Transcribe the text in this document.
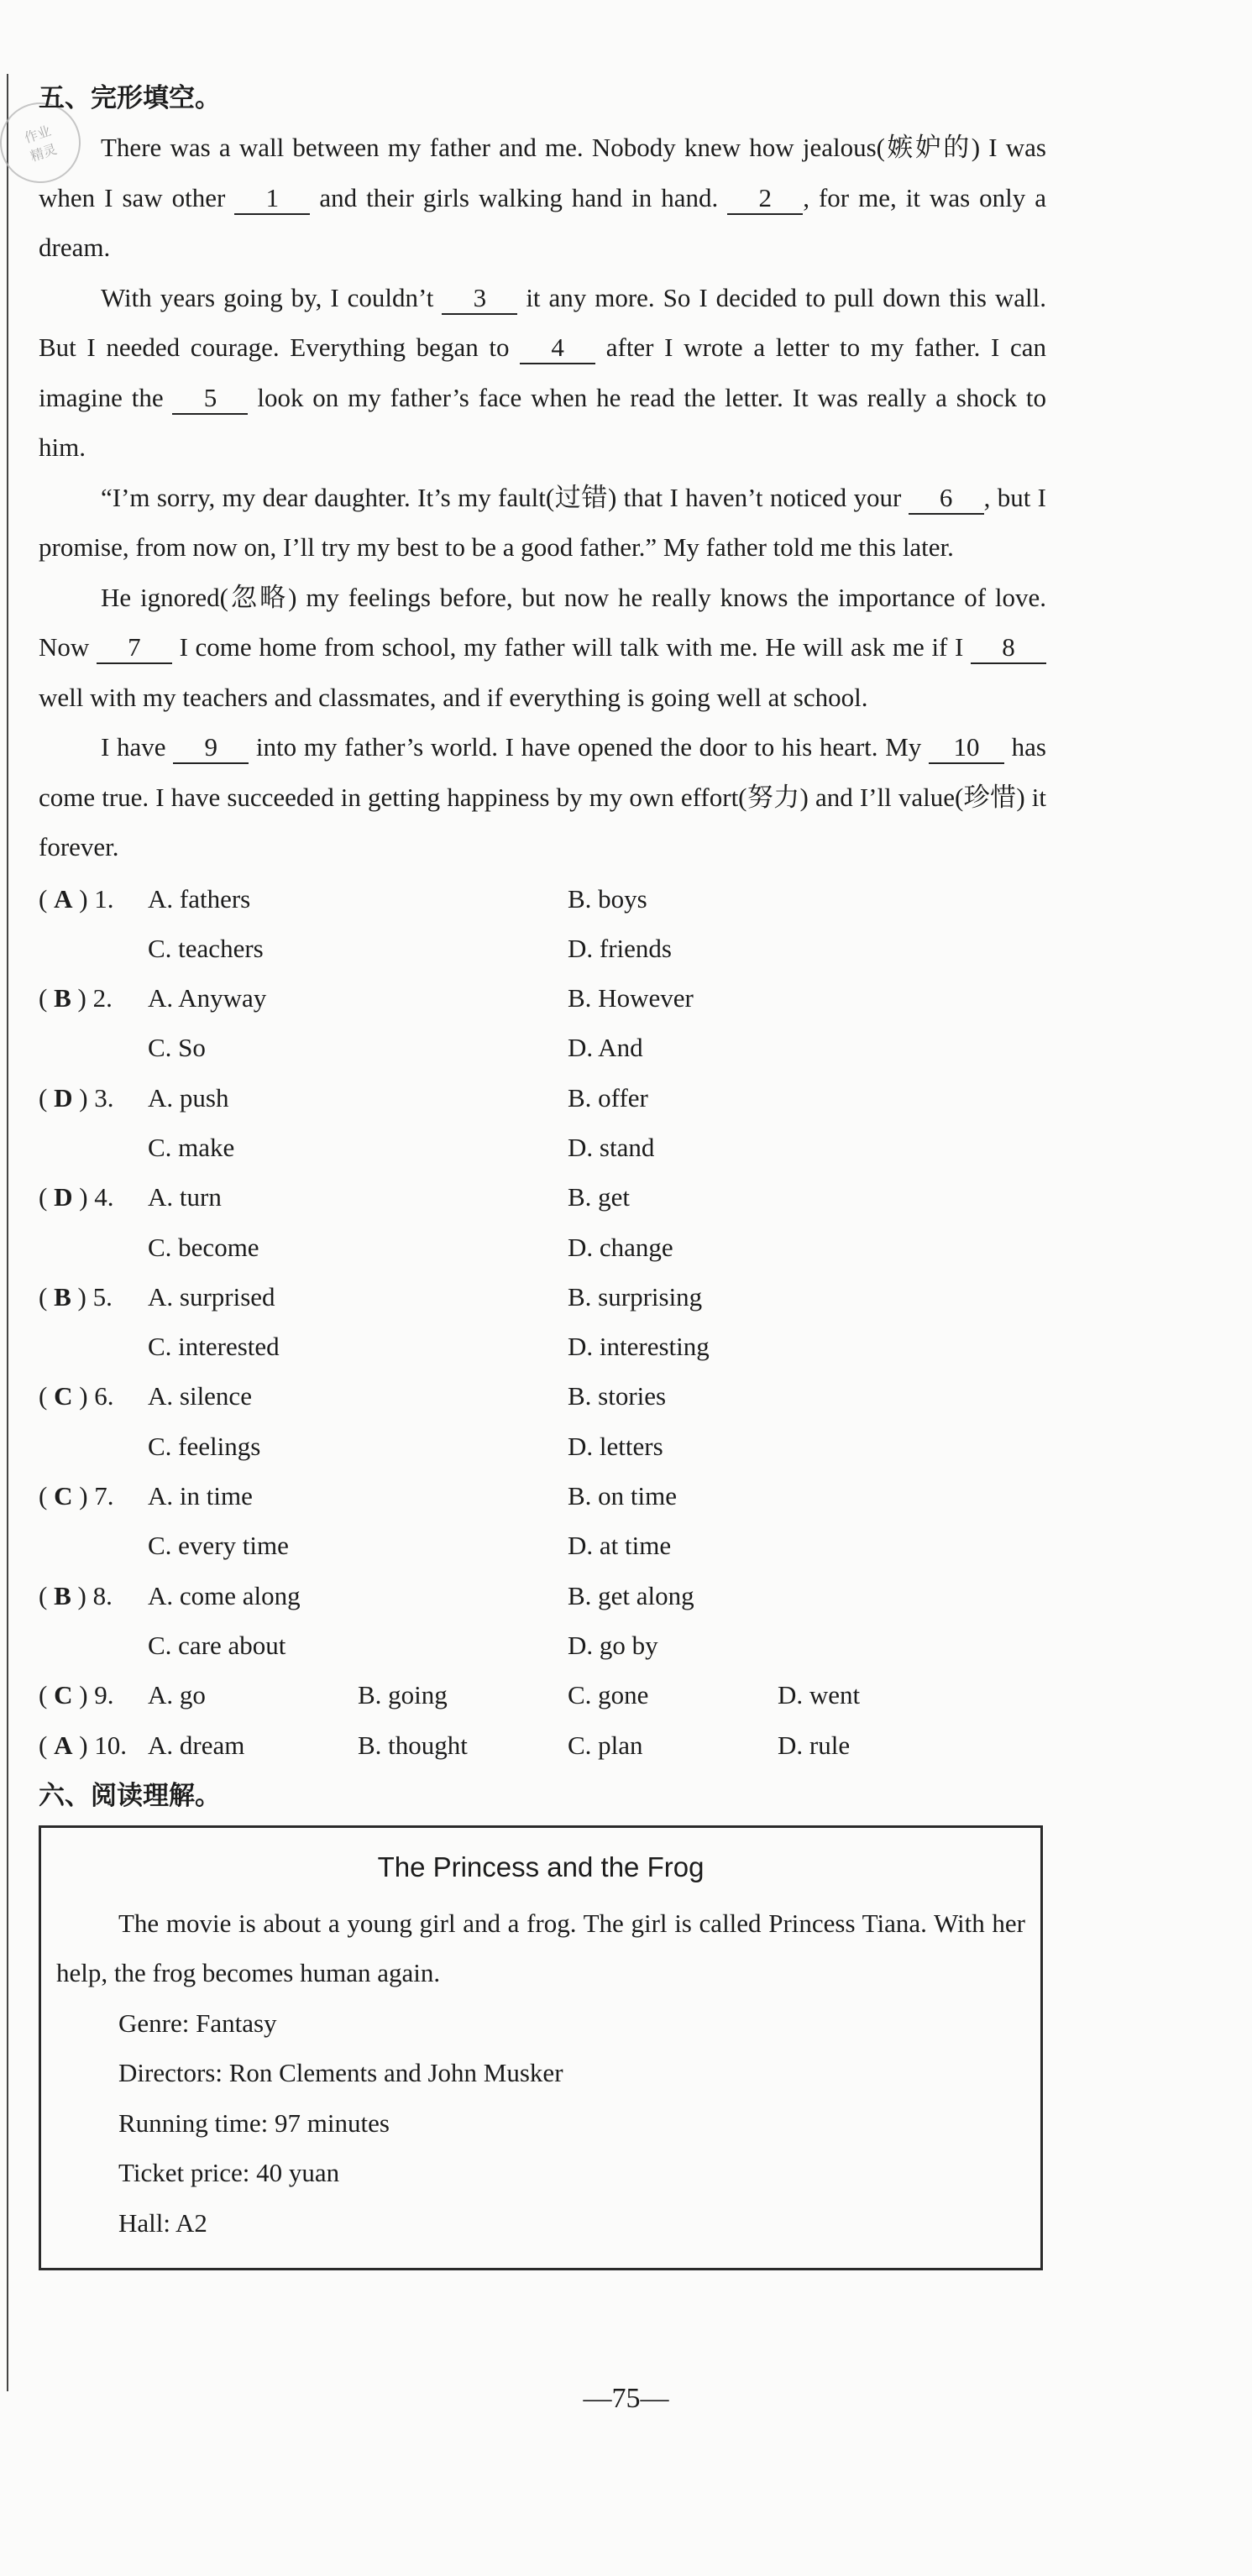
作业
精灵
五、完形填空。

There was a wall between my father and me. Nobody knew how jealous(嫉妒的) I was when I saw other 1 and their girls walking hand in hand. 2 , for me, it was only a dream.

With years going by, I couldn’t 3 it any more. So I decided to pull down this wall. But I needed courage. Everything began to 4 after I wrote a letter to my father. I can imagine the 5 look on my father’s face when he read the letter. It was really a shock to him.

“I’m sorry, my dear daughter. It’s my fault(过错) that I haven’t noticed your 6 , but I promise, from now on, I’ll try my best to be a good father.” My father told me this later.

He ignored(忽略) my feelings before, but now he really knows the importance of love. Now 7 I come home from school, my father will talk with me. He will ask me if I 8 well with my teachers and classmates, and if everything is going well at school.

I have 9 into my father’s world. I have opened the door to his heart. My 10 has come true. I have succeeded in getting happiness by my own effort(努力) and I’ll value(珍惜) it forever.

( A ) 1.	A. fathers	B. boys
C. teachers	D. friends
( B ) 2.	A. Anyway	B. However
C. So	D. And
( D ) 3.	A. push	B. offer
C. make	D. stand
( D ) 4.	A. turn	B. get
C. become	D. change
( B ) 5.	A. surprised	B. surprising
C. interested	D. interesting
( C ) 6.	A. silence	B. stories
C. feelings	D. letters
( C ) 7.	A. in time	B. on time
C. every time	D. at time
( B ) 8.	A. come along	B. get along
C. care about	D. go by
( C ) 9.	A. go	B. going	C. gone	D. went
( A ) 10. A. dream	B. thought	C. plan	D. rule
六、阅读理解。
The Princess and the Frog

The movie is about a young girl and a frog. The girl is called Princess Tiana. With her help, the frog becomes human again.

Genre: Fantasy
Directors: Ron Clements and John Musker
Running time: 97 minutes
Ticket price: 40 yuan
Hall: A2
—75—
